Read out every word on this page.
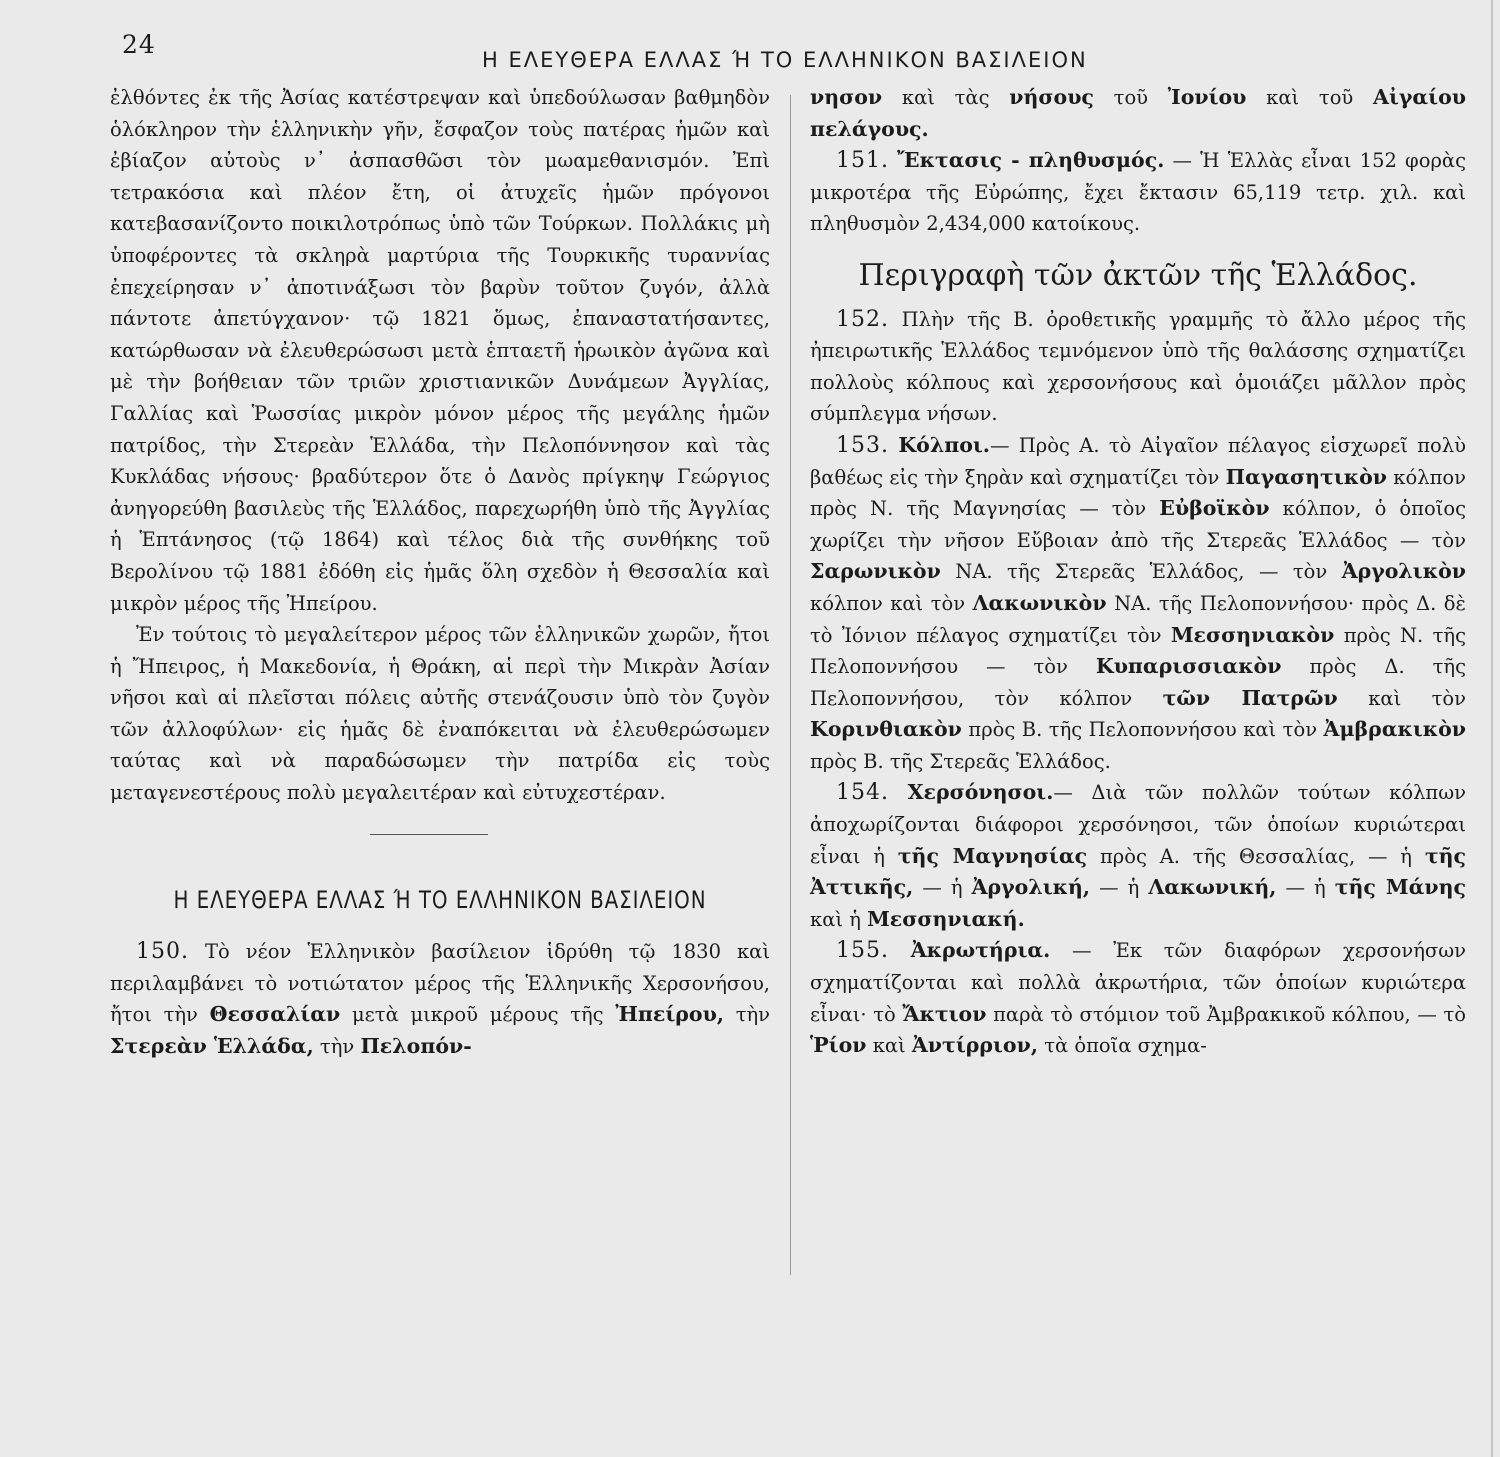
24
Η ΕΛΕΥΘΕΡΑ ΕΛΛΑΣ Ή ΤΟ ΕΛΛΗΝΙΚΟΝ ΒΑΣΙΛΕΙΟΝ

ἐλθόντες ἐκ τῆς Ἀσίας κατέστρεψαν καὶ ὑπεδούλωσαν βαθμηδὸν ὁλόκληρον τὴν ἑλληνικὴν γῆν, ἔσφαζον τοὺς πατέρας ἡμῶν καὶ ἐβίαζον αὐτοὺς ν᾽ ἀσπασθῶσι τὸν μωαμεθανισμόν. Ἐπὶ τετρακόσια καὶ πλέον ἔτη, οἱ ἀτυχεῖς ἡμῶν πρόγονοι κατεβασανίζοντο ποικιλοτρόπως ὑπὸ τῶν Τούρκων. Πολλάκις μὴ ὑποφέροντες τὰ σκληρὰ μαρτύρια τῆς Τουρκικῆς τυραννίας ἐπεχείρησαν ν᾽ ἀποτινάξωσι τὸν βαρὺν τοῦτον ζυγόν, ἀλλὰ πάντοτε ἀπετύγχανον· τῷ 1821 ὅμως, ἐπαναστατήσαντες, κατώρθωσαν νὰ ἐλευθερώσωσι μετὰ ἑπταετῆ ἡρωικὸν ἀγῶνα καὶ μὲ τὴν βοήθειαν τῶν τριῶν χριστιανικῶν Δυνάμεων Ἀγγλίας, Γαλλίας καὶ Ῥωσσίας μικρὸν μόνον μέρος τῆς μεγάλης ἡμῶν πατρίδος, τὴν Στερεὰν Ἑλλάδα, τὴν Πελοπόννησον καὶ τὰς Κυκλάδας νήσους· βραδύτερον ὅτε ὁ Δανὸς πρίγκηψ Γεώργιος ἀνηγορεύθη βασιλεὺς τῆς Ἑλλάδος, παρεχωρήθη ὑπὸ τῆς Ἀγγλίας ἡ Ἑπτάνησος (τῷ 1864) καὶ τέλος διὰ τῆς συνθήκης τοῦ Βερολίνου τῷ 1881 ἐδόθη εἰς ἡμᾶς ὅλη σχεδὸν ἡ Θεσσαλία καὶ μικρὸν μέρος τῆς Ἠπείρου.

Ἐν τούτοις τὸ μεγαλείτερον μέρος τῶν ἑλληνικῶν χωρῶν, ἤτοι ἡ Ἤπειρος, ἡ Μακεδονία, ἡ Θράκη, αἱ περὶ τὴν Μικρὰν Ἀσίαν νῆσοι καὶ αἱ πλεῖσται πόλεις αὐτῆς στενάζουσιν ὑπὸ τὸν ζυγὸν τῶν ἀλλοφύλων· εἰς ἡμᾶς δὲ ἐναπόκειται νὰ ἐλευθερώσωμεν ταύτας καὶ νὰ παραδώσωμεν τὴν πατρίδα εἰς τοὺς μεταγενεστέρους πολὺ μεγαλειτέραν καὶ εὐτυχεστέραν.

Η ΕΛΕΥΘΕΡΑ ΕΛΛΑΣ Ή ΤΟ ΕΛΛΗΝΙΚΟΝ ΒΑΣΙΛΕΙΟΝ

150. Τὸ νέον Ἑλληνικὸν βασίλειον ἱδρύθη τῷ 1830 καὶ περιλαμβάνει τὸ νοτιώτατον μέρος τῆς Ἑλληνικῆς Χερσονήσου, ἤτοι τὴν Θεσσαλίαν μετὰ μικροῦ μέρους τῆς Ἠπείρου, τὴν Στερεὰν Ἑλλάδα, τὴν Πελοπόν-

νησον καὶ τὰς νήσους τοῦ Ἰονίου καὶ τοῦ Αἰγαίου πελάγους.

151. Ἔκτασις - πληθυσμός. — Ἡ Ἑλλὰς εἶναι 152 φορὰς μικροτέρα τῆς Εὐρώπης, ἔχει ἔκτασιν 65,119 τετρ. χιλ. καὶ πληθυσμὸν 2,434,000 κατοίκους.

Περιγραφὴ τῶν ἀκτῶν τῆς Ἑλλάδος.

152. Πλὴν τῆς Β. ὀροθετικῆς γραμμῆς τὸ ἄλλο μέρος τῆς ἠπειρωτικῆς Ἑλλάδος τεμνόμενον ὑπὸ τῆς θαλάσσης σχηματίζει πολλοὺς κόλπους καὶ χερσονήσους καὶ ὁμοιάζει μᾶλλον πρὸς σύμπλεγμα νήσων.

153. Κόλποι.— Πρὸς Α. τὸ Αἰγαῖον πέλαγος εἰσχωρεῖ πολὺ βαθέως εἰς τὴν ξηρὰν καὶ σχηματίζει τὸν Παγασητικὸν κόλπον πρὸς Ν. τῆς Μαγνησίας — τὸν Εὐβοϊκὸν κόλπον, ὁ ὁποῖος χωρίζει τὴν νῆσον Εὔβοιαν ἀπὸ τῆς Στερεᾶς Ἑλλάδος — τὸν Σαρωνικὸν ΝΑ. τῆς Στερεᾶς Ἑλλάδος, — τὸν Ἀργολικὸν κόλπον καὶ τὸν Λακωνικὸν ΝΑ. τῆς Πελοποννήσου· πρὸς Δ. δὲ τὸ Ἰόνιον πέλαγος σχηματίζει τὸν Μεσσηνιακὸν πρὸς Ν. τῆς Πελοποννήσου — τὸν Κυπαρισσιακὸν πρὸς Δ. τῆς Πελοποννήσου, τὸν κόλπον τῶν Πατρῶν καὶ τὸν Κορινθιακὸν πρὸς Β. τῆς Πελοποννήσου καὶ τὸν Ἀμβρακικὸν πρὸς Β. τῆς Στερεᾶς Ἑλλάδος.

154. Χερσόνησοι.— Διὰ τῶν πολλῶν τούτων κόλπων ἀποχωρίζονται διάφοροι χερσόνησοι, τῶν ὁποίων κυριώτεραι εἶναι ἡ τῆς Μαγνησίας πρὸς Α. τῆς Θεσσαλίας, — ἡ τῆς Ἀττικῆς, — ἡ Ἀργολική, — ἡ Λακωνική, — ἡ τῆς Μάνης καὶ ἡ Μεσσηνιακή.

155. Ἀκρωτήρια. — Ἐκ τῶν διαφόρων χερσονήσων σχηματίζονται καὶ πολλὰ ἀκρωτήρια, τῶν ὁποίων κυριώτερα εἶναι· τὸ Ἄκτιον παρὰ τὸ στόμιον τοῦ Ἀμβρακικοῦ κόλπου, — τὸ Ῥίον καὶ Ἀντίρριον, τὰ ὁποῖα σχημα-
